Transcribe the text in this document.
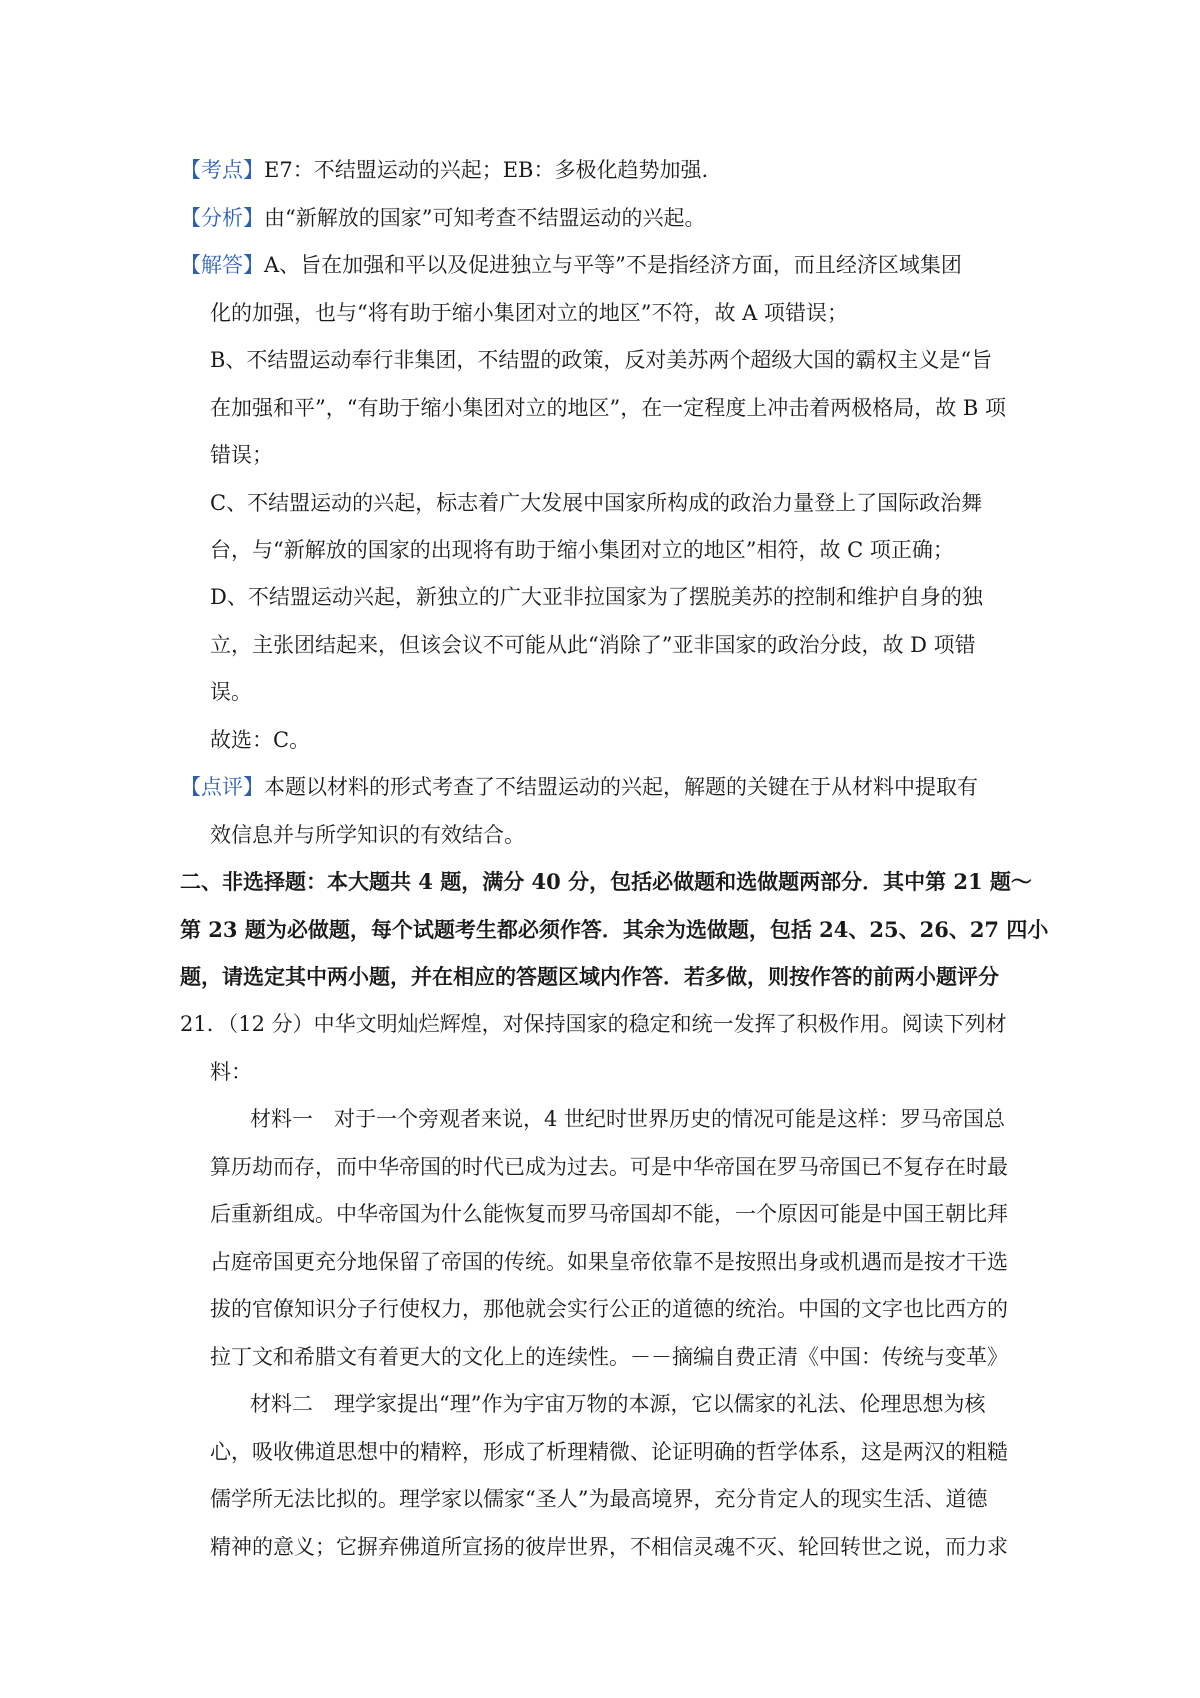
【考点】E7：不结盟运动的兴起；EB：多极化趋势加强.
【分析】由“新解放的国家”可知考查不结盟运动的兴起。
【解答】A、旨在加强和平以及促进独立与平等”不是指经济方面，而且经济区域集团
化的加强，也与“将有助于缩小集团对立的地区”不符，故 A 项错误；
B、不结盟运动奉行非集团，不结盟的政策，反对美苏两个超级大国的霸权主义是“旨
在加强和平”，“有助于缩小集团对立的地区”，在一定程度上冲击着两极格局，故 B 项
错误；
C、不结盟运动的兴起，标志着广大发展中国家所构成的政治力量登上了国际政治舞
台，与“新解放的国家的出现将有助于缩小集团对立的地区”相符，故 C 项正确；
D、不结盟运动兴起，新独立的广大亚非拉国家为了摆脱美苏的控制和维护自身的独
立，主张团结起来，但该会议不可能从此“消除了”亚非国家的政治分歧，故 D 项错
误。
故选：C。
【点评】本题以材料的形式考查了不结盟运动的兴起，解题的关键在于从材料中提取有
效信息并与所学知识的有效结合。
二、非选择题：本大题共 4 题，满分 40 分，包括必做题和选做题两部分．其中第 21 题～
第 23 题为必做题，每个试题考生都必须作答．其余为选做题，包括 24、25、26、27 四小
题，请选定其中两小题，并在相应的答题区域内作答．若多做，则按作答的前两小题评分
21．（12 分）中华文明灿烂辉煌，对保持国家的稳定和统一发挥了积极作用。阅读下列材
料：
材料一　对于一个旁观者来说，4 世纪时世界历史的情况可能是这样：罗马帝国总
算历劫而存，而中华帝国的时代已成为过去。可是中华帝国在罗马帝国已不复存在时最
后重新组成。中华帝国为什么能恢复而罗马帝国却不能，一个原因可能是中国王朝比拜
占庭帝国更充分地保留了帝国的传统。如果皇帝依靠不是按照出身或机遇而是按才干选
拔的官僚知识分子行使权力，那他就会实行公正的道德的统治。中国的文字也比西方的
拉丁文和希腊文有着更大的文化上的连续性。－－摘编自费正清《中国：传统与变革》
材料二　理学家提出“理”作为宇宙万物的本源，它以儒家的礼法、伦理思想为核
心，吸收佛道思想中的精粹，形成了析理精微、论证明确的哲学体系，这是两汉的粗糙
儒学所无法比拟的。理学家以儒家“圣人”为最高境界，充分肯定人的现实生活、道德
精神的意义；它摒弃佛道所宣扬的彼岸世界，不相信灵魂不灭、轮回转世之说，而力求
